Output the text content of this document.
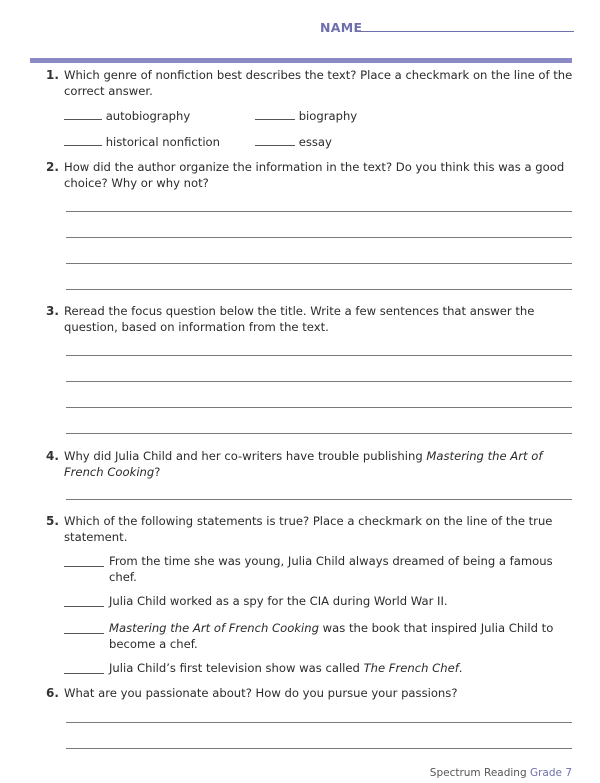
NAME
1. Which genre of nonfiction best describes the text? Place a checkmark on the line of the correct answer.
autobiography	biography
historical nonfiction	essay
2. How did the author organize the information in the text? Do you think this was a good choice? Why or why not?
3. Reread the focus question below the title. Write a few sentences that answer the question, based on information from the text.
4. Why did Julia Child and her co-writers have trouble publishing Mastering the Art of French Cooking?
5. Which of the following statements is true? Place a checkmark on the line of the true statement.
From the time she was young, Julia Child always dreamed of being a famous chef.
Julia Child worked as a spy for the CIA during World War II.
Mastering the Art of French Cooking was the book that inspired Julia Child to become a chef.
Julia Child’s first television show was called The French Chef.
6. What are you passionate about? How do you pursue your passions?
Spectrum Reading Grade 7
